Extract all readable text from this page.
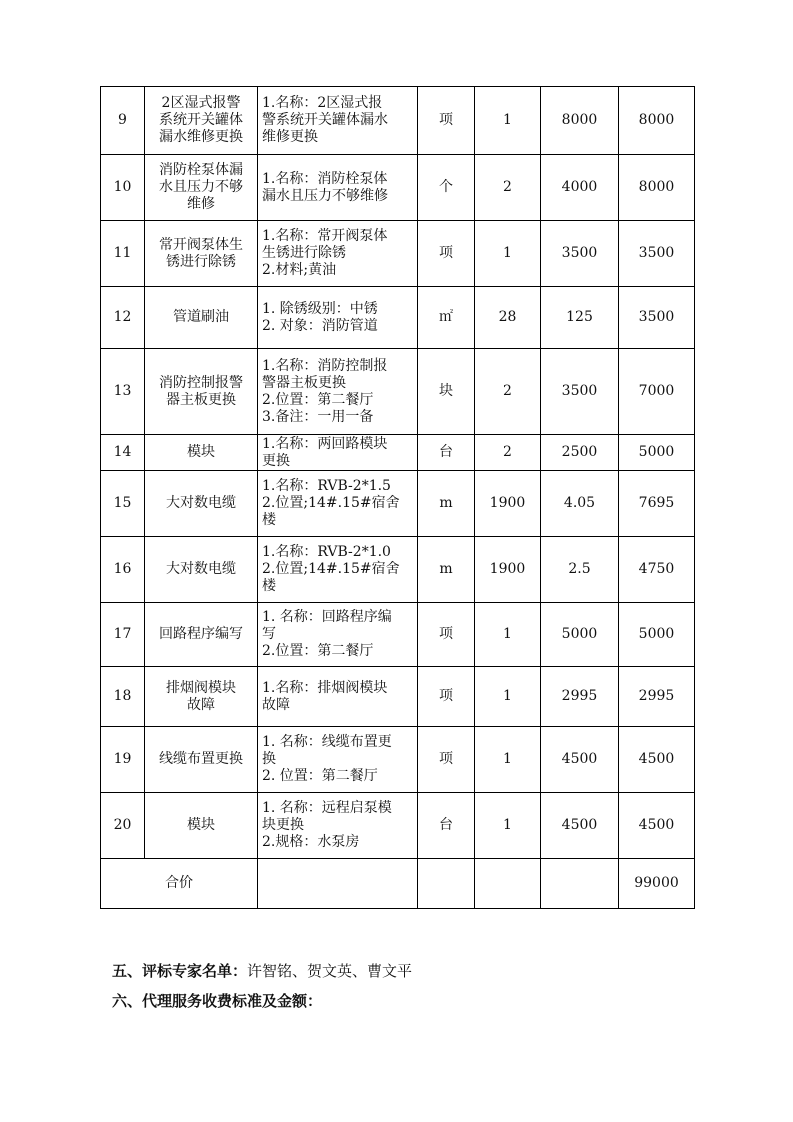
9	2区湿式报警
系统开关罐体
漏水维修更换	1.名称：2区湿式报
警系统开关罐体漏水
维修更换	项	1	8000	8000
10	消防栓泵体漏
水且压力不够
维修	1.名称：消防栓泵体
漏水且压力不够维修	个	2	4000	8000
11	常开阀泵体生
锈进行除锈	1.名称：常开阀泵体
生锈进行除锈
2.材料;黄油	项	1	3500	3500
12	管道刷油	1. 除锈级别：中锈
2. 对象：消防管道	㎡	28	125	3500
13	消防控制报警
器主板更换	1.名称：消防控制报
警器主板更换
2.位置：第二餐厅
3.备注：一用一备	块	2	3500	7000
14	模块	1.名称：两回路模块
更换	台	2	2500	5000
15	大对数电缆	1.名称：RVB-2*1.5
2.位置;14#.15#宿舍
楼	m	1900	4.05	7695
16	大对数电缆	1.名称：RVB-2*1.0
2.位置;14#.15#宿舍
楼	m	1900	2.5	4750
17	回路程序编写	1. 名称：回路程序编
写
2.位置：第二餐厅	项	1	5000	5000
18	排烟阀模块
故障	1.名称：排烟阀模块
故障	项	1	2995	2995
19	线缆布置更换	1. 名称：线缆布置更
换
2. 位置：第二餐厅	项	1	4500	4500
20	模块	1. 名称：远程启泵模
块更换
2.规格：水泵房	台	1	4500	4500
合价						99000
五、评标专家名单：许智铭、贺文英、曹文平
六、代理服务收费标准及金额：
